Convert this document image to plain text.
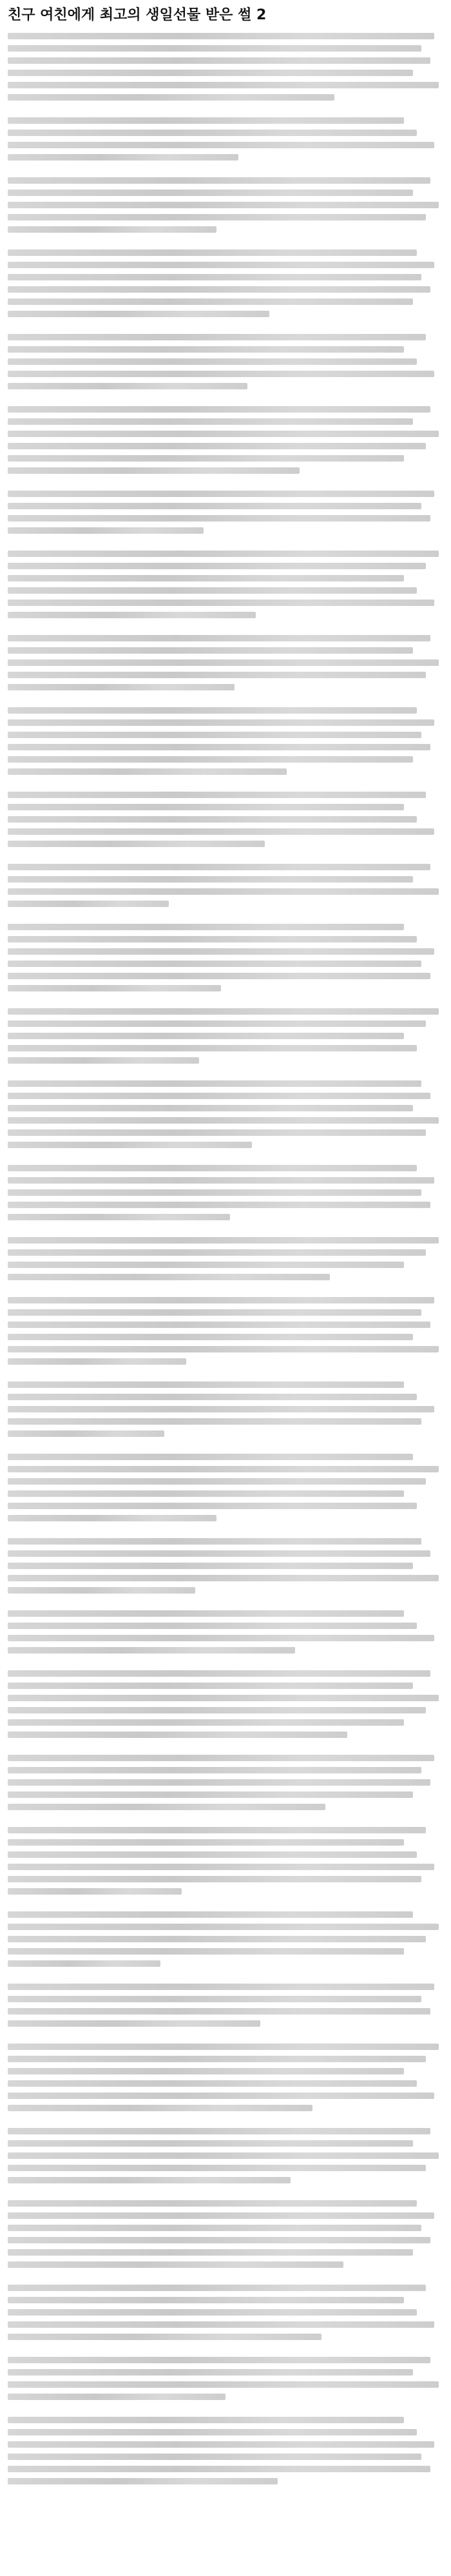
친구 여친에게 최고의 생일선물 받은 썰 2
